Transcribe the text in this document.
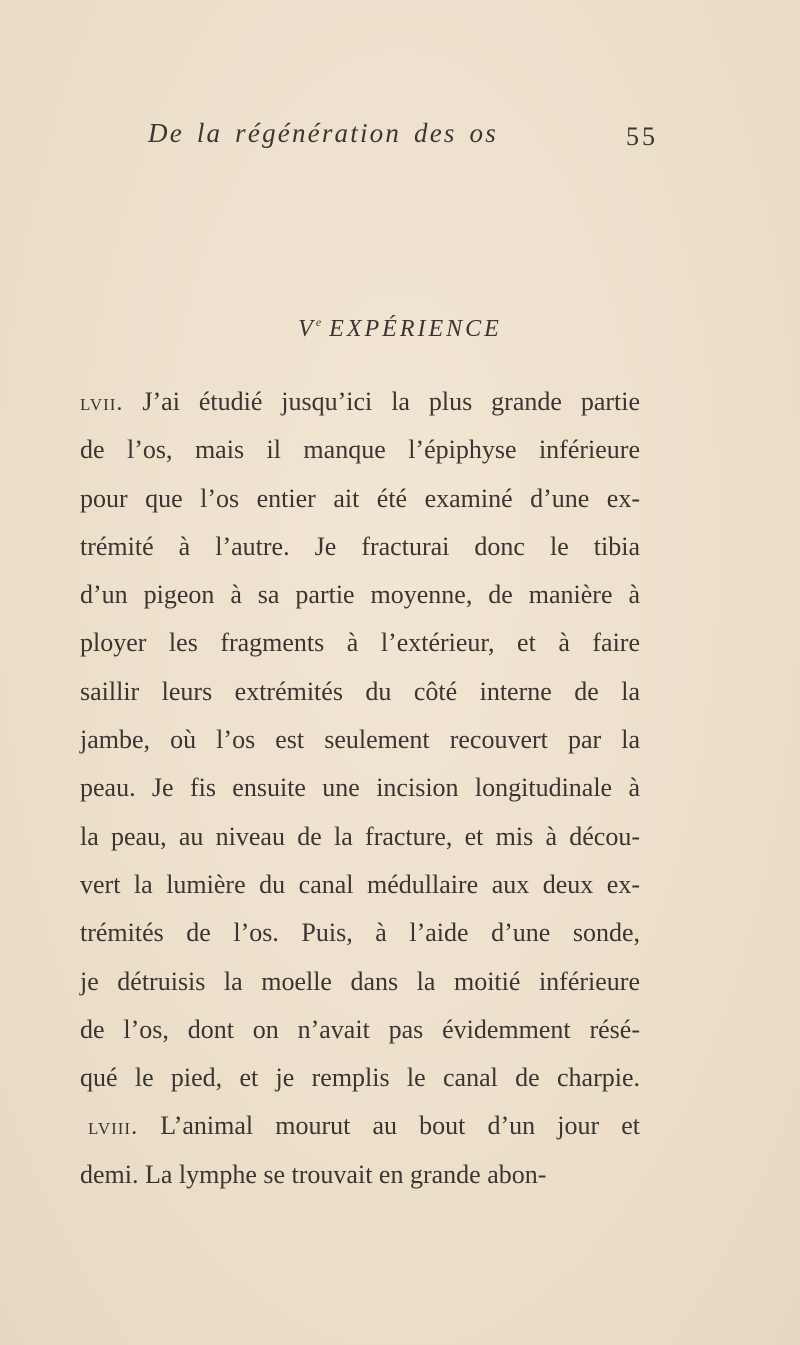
De la régénération des os	55
Ve EXPÉRIENCE
lvii. J’ai étudié jusqu’ici la plus grande partie
de l’os, mais il manque l’épiphyse inférieure
pour que l’os entier ait été examiné d’une ex-
trémité à l’autre. Je fracturai donc le tibia
d’un pigeon à sa partie moyenne, de manière à
ployer les fragments à l’extérieur, et à faire
saillir leurs extrémités du côté interne de la
jambe, où l’os est seulement recouvert par la
peau. Je fis ensuite une incision longitudinale à
la peau, au niveau de la fracture, et mis à décou-
vert la lumière du canal médullaire aux deux ex-
trémités de l’os. Puis, à l’aide d’une sonde,
je détruisis la moelle dans la moitié inférieure
de l’os, dont on n’avait pas évidemment résé-
qué le pied, et je remplis le canal de charpie.
lviii. L’animal mourut au bout d’un jour et
demi. La lymphe se trouvait en grande abon-
